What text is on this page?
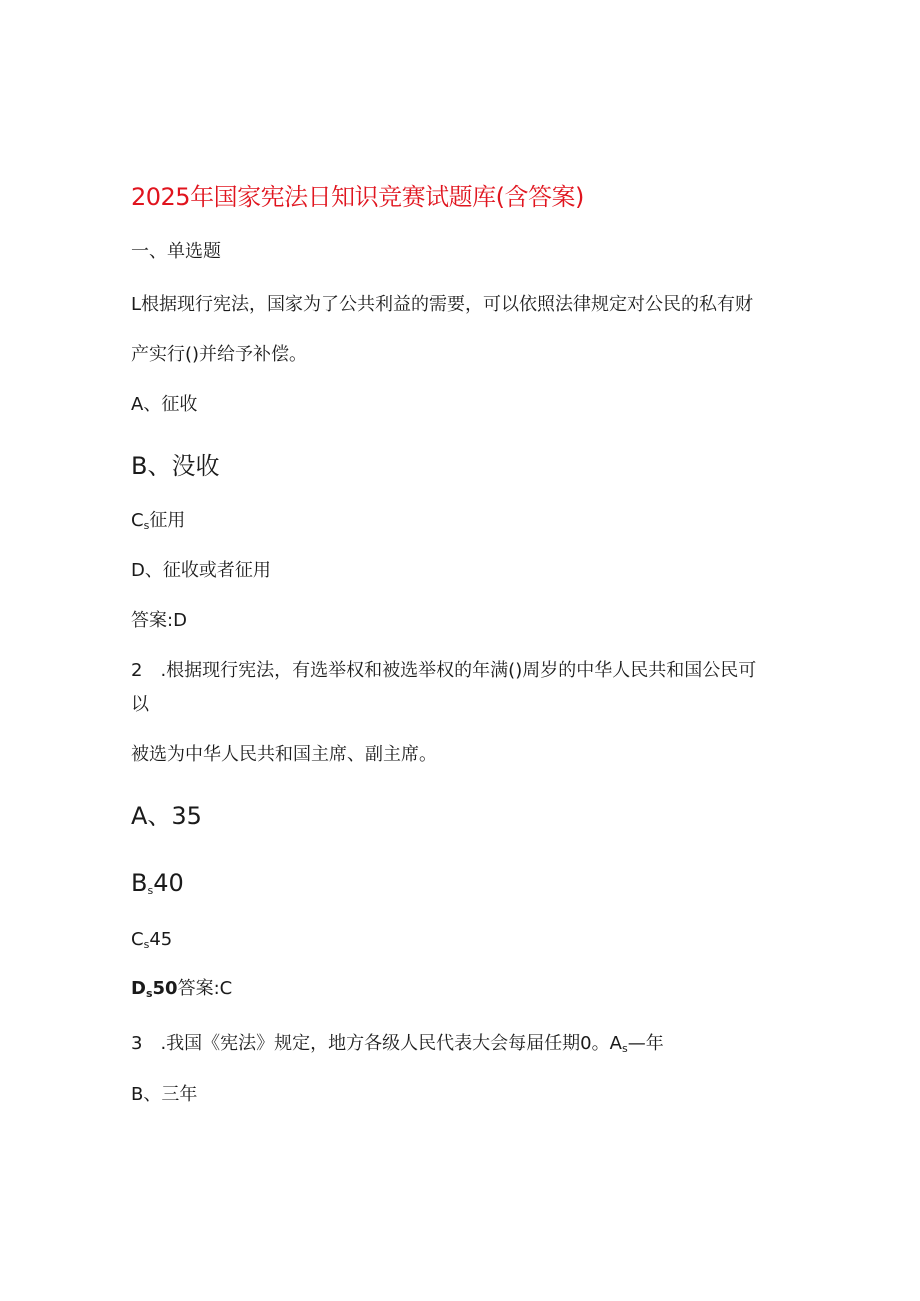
2025年国家宪法日知识竞赛试题库(含答案)
一、单选题
L根据现行宪法，国家为了公共利益的需要，可以依照法律规定对公民的私有财
产实行()并给予补偿。
A、征收
B、没收
$C_s$征用
D、征收或者征用
答案:D
2 .根据现行宪法，有选举权和被选举权的年满()周岁的中华人民共和国公民可
以
被选为中华人民共和国主席、副主席。
A、35
$B_s40$
$C_s45$
$D_s50$答案:C
3 .我国《宪法》规定，地方各级人民代表大会每届任期0。$A_s—$年
B、三年
